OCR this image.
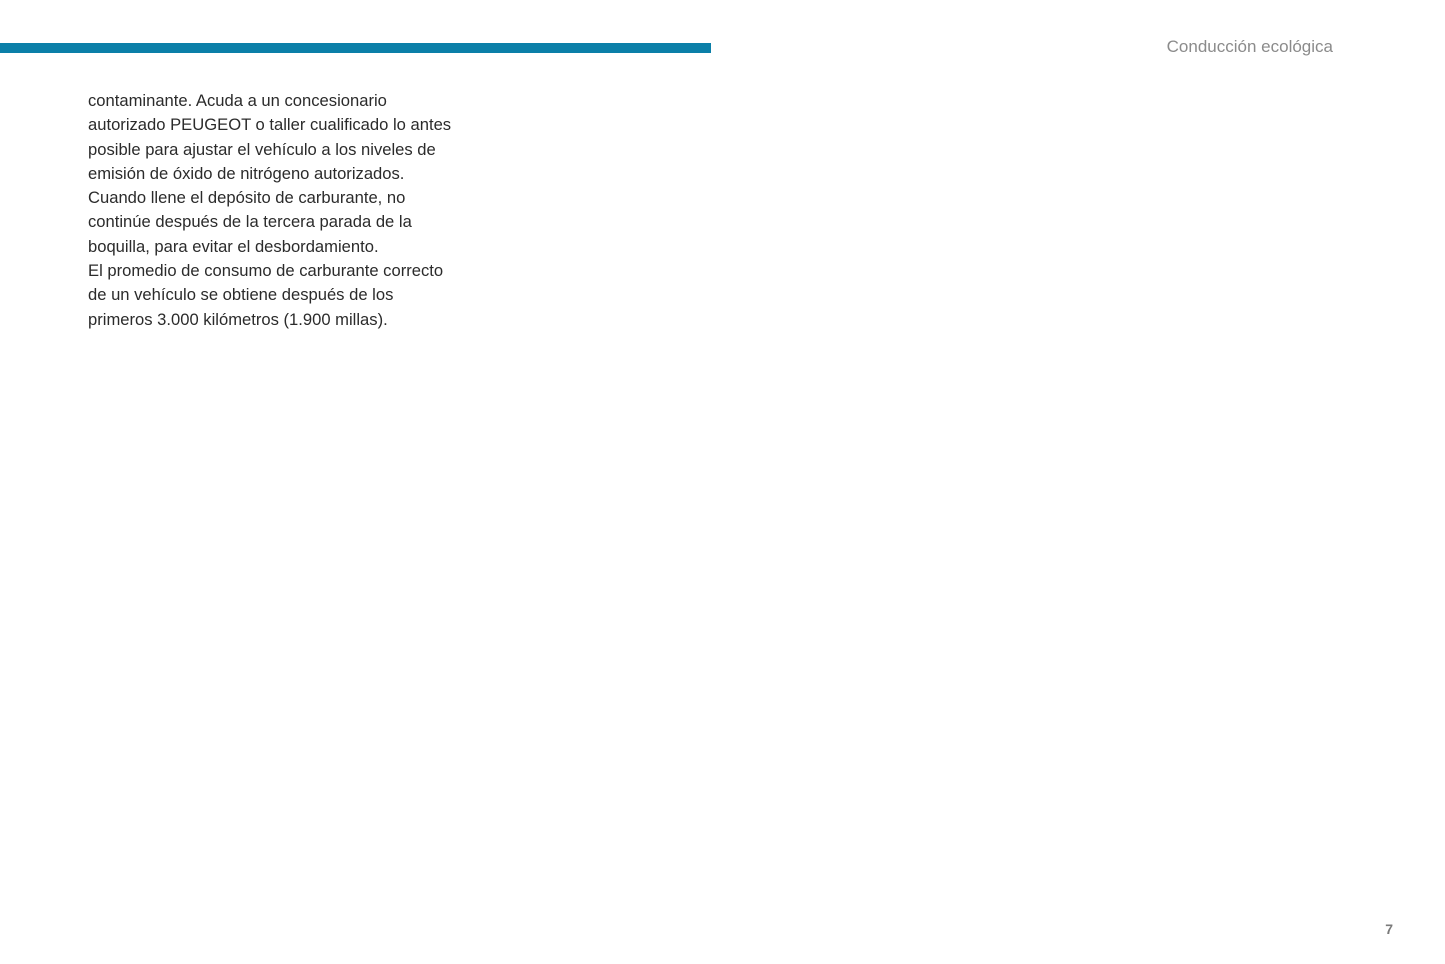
Conducción ecológica
contaminante. Acuda a un concesionario
autorizado PEUGEOT o taller cualificado lo antes
posible para ajustar el vehículo a los niveles de
emisión de óxido de nitrógeno autorizados.
Cuando llene el depósito de carburante, no
continúe después de la tercera parada de la
boquilla, para evitar el desbordamiento.
El promedio de consumo de carburante correcto
de un vehículo se obtiene después de los
primeros 3.000 kilómetros (1.900 millas).
7
